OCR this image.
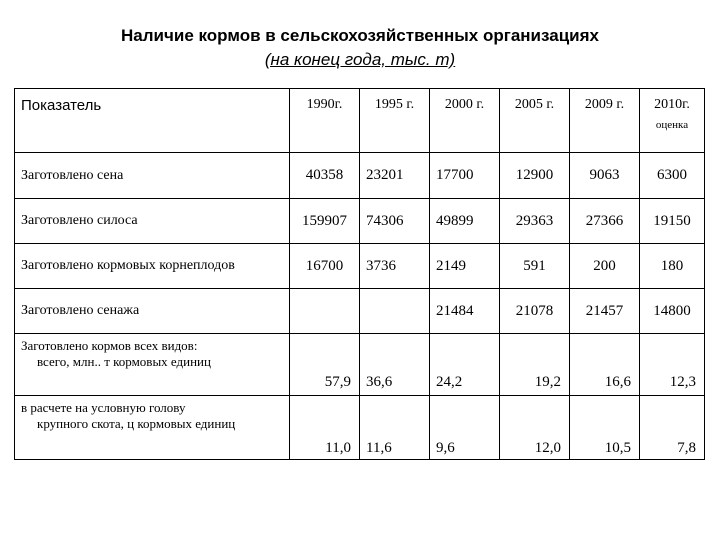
Наличие кормов в сельскохозяйственных организациях
(на конец года, тыс. т)
Показатель	1990г.	1995 г.	2000 г.	2005 г.	2009 г.	2010г.
оценка

Заготовлено сена	40358	23201	17700	12900	9063	6300
Заготовлено силоса	159907	74306	49899	29363	27366	19150
Заготовлено кормовых корнеплодов	16700	3736	2149	591	200	180
Заготовлено сенажа			21484	21078	21457	14800
Заготовлено кормов всех видов:
всего, млн.. т кормовых единиц	57,9	36,6	24,2	19,2	16,6	12,3
в расчете на условную голову
крупного скота, ц кормовых единиц	11,0	11,6	9,6	12,0	10,5	7,8
